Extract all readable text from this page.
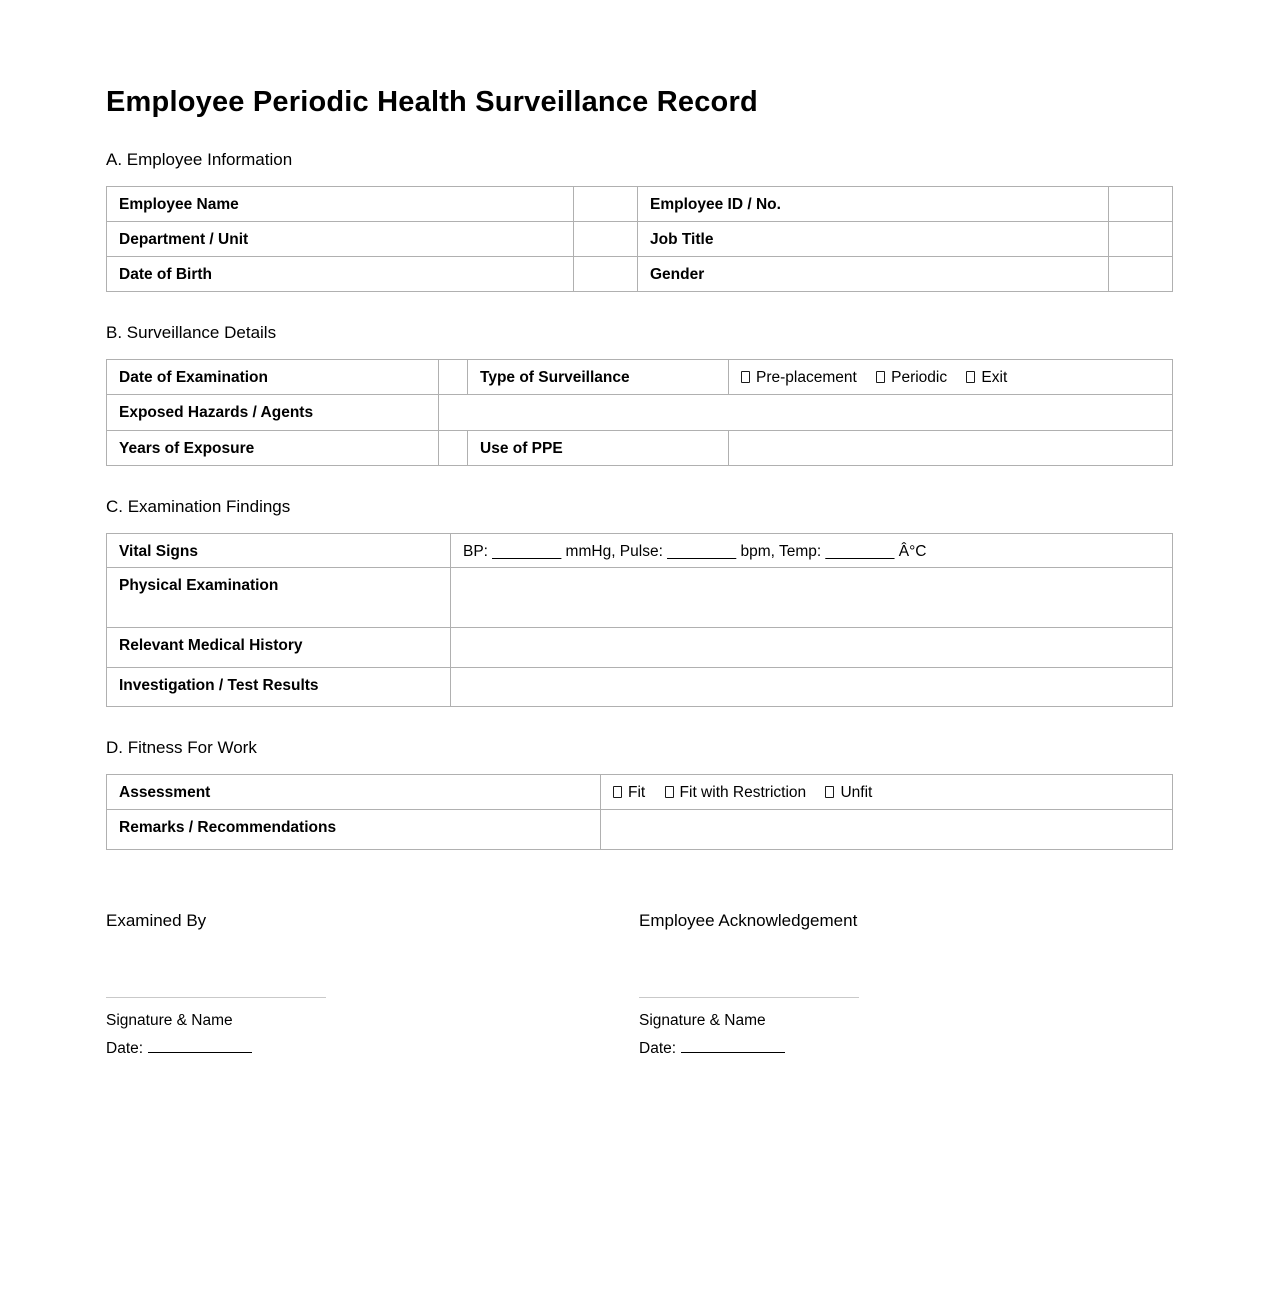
Employee Periodic Health Surveillance Record
A. Employee Information
Employee Name		Employee ID / No.	
Department / Unit		Job Title	
Date of Birth		Gender	
B. Surveillance Details
Date of Examination		Type of Surveillance	Pre-placement Periodic Exit
Exposed Hazards / Agents			
Years of Exposure		Use of PPE	
C. Examination Findings
Vital Signs	BP: ________ mmHg, Pulse: ________ bpm, Temp: ________ Â°C
Physical Examination	
Relevant Medical History	
Investigation / Test Results	
D. Fitness For Work
Assessment	Fit Fit with Restriction Unfit
Remarks / Recommendations	
Examined By
Signature & Name
Date:
Employee Acknowledgement
Signature & Name
Date:
